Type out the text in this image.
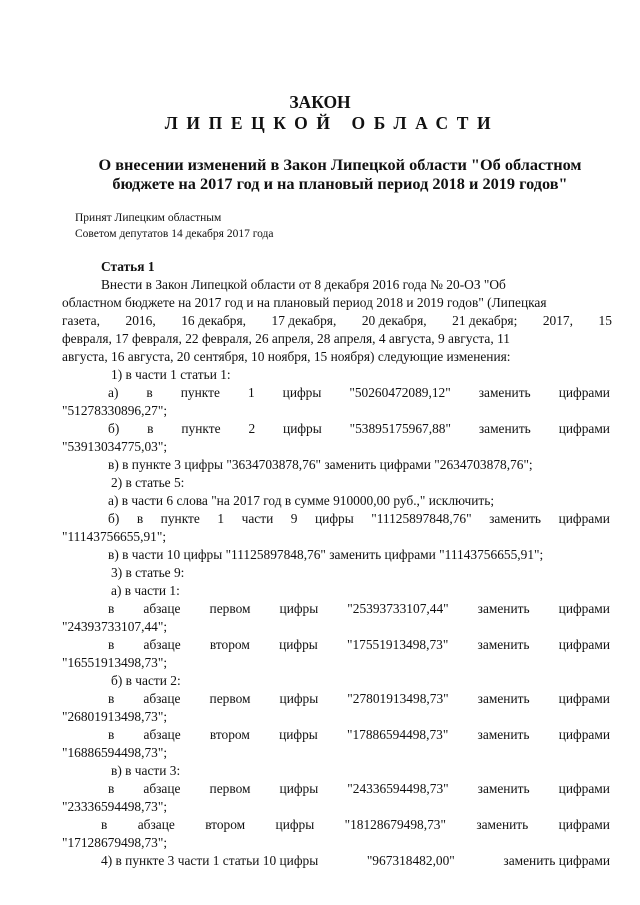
ЗАКОН
ЛИПЕЦКОЙ ОБЛАСТИ
О внесении изменений в Закон Липецкой области "Об областном
бюджете на 2017 год и на плановый период 2018 и 2019 годов"
Принят Липецким областным
Советом депутатов 14 декабря 2017 года
Статья 1
Внести в Закон Липецкой области от 8 декабря 2016 года № 20-ОЗ "Об
областном бюджете на 2017 год и на плановый период 2018 и 2019 годов" (Липецкая
газета, 2016, 16 декабря, 17 декабря, 20 декабря, 21 декабря; 2017, 15
февраля, 17 февраля, 22 февраля, 26 апреля, 28 апреля, 4 августа, 9 августа, 11
августа, 16 августа, 20 сентября, 10 ноября, 15 ноября) следующие изменения:
1) в части 1 статьи 1:
а) в пункте 1 цифры "50260472089,12" заменить цифрами
"51278330896,27";
б) в пункте 2 цифры "53895175967,88" заменить цифрами
"53913034775,03";
в) в пункте 3 цифры "3634703878,76" заменить цифрами "2634703878,76";
2) в статье 5:
а) в части 6 слова "на 2017 год в сумме 910000,00 руб.," исключить;
б) в пункте 1 части 9 цифры "11125897848,76" заменить цифрами
"11143756655,91";
в) в части 10 цифры "11125897848,76" заменить цифрами "11143756655,91";
3) в статье 9:
а) в части 1:
в абзаце первом цифры "25393733107,44" заменить цифрами
"24393733107,44";
в абзаце втором цифры "17551913498,73" заменить цифрами
"16551913498,73";
б) в части 2:
в абзаце первом цифры "27801913498,73" заменить цифрами
"26801913498,73";
в абзаце втором цифры "17886594498,73" заменить цифрами
"16886594498,73";
в) в части 3:
в абзаце первом цифры "24336594498,73" заменить цифрами
"23336594498,73";
в абзаце втором цифры "18128679498,73" заменить цифрами
"17128679498,73";
4) в пункте 3 части 1 статьи 10 цифры	"967318482,00"	заменить цифрами
